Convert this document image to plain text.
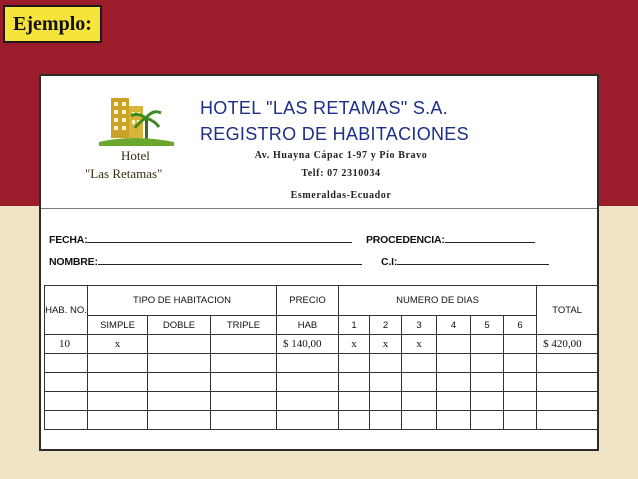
Ejemplo:
Hotel
"Las Retamas"
HOTEL "LAS RETAMAS" S.A.
REGISTRO DE HABITACIONES
Av. Huayna Cápac 1-97 y Pío Bravo
Telf: 07 2310034
Esmeraldas-Ecuador
FECHA:	PROCEDENCIA:
NOMBRE:	C.I:
HAB. NO.	TIPO DE HABITACION			PRECIO	NUMERO DE DIAS						TOTAL
	SIMPLE	DOBLE	TRIPLE	HAB	1	2	3	4	5	6	
10	x			$ 140,00	x	x	x				$ 420,00
